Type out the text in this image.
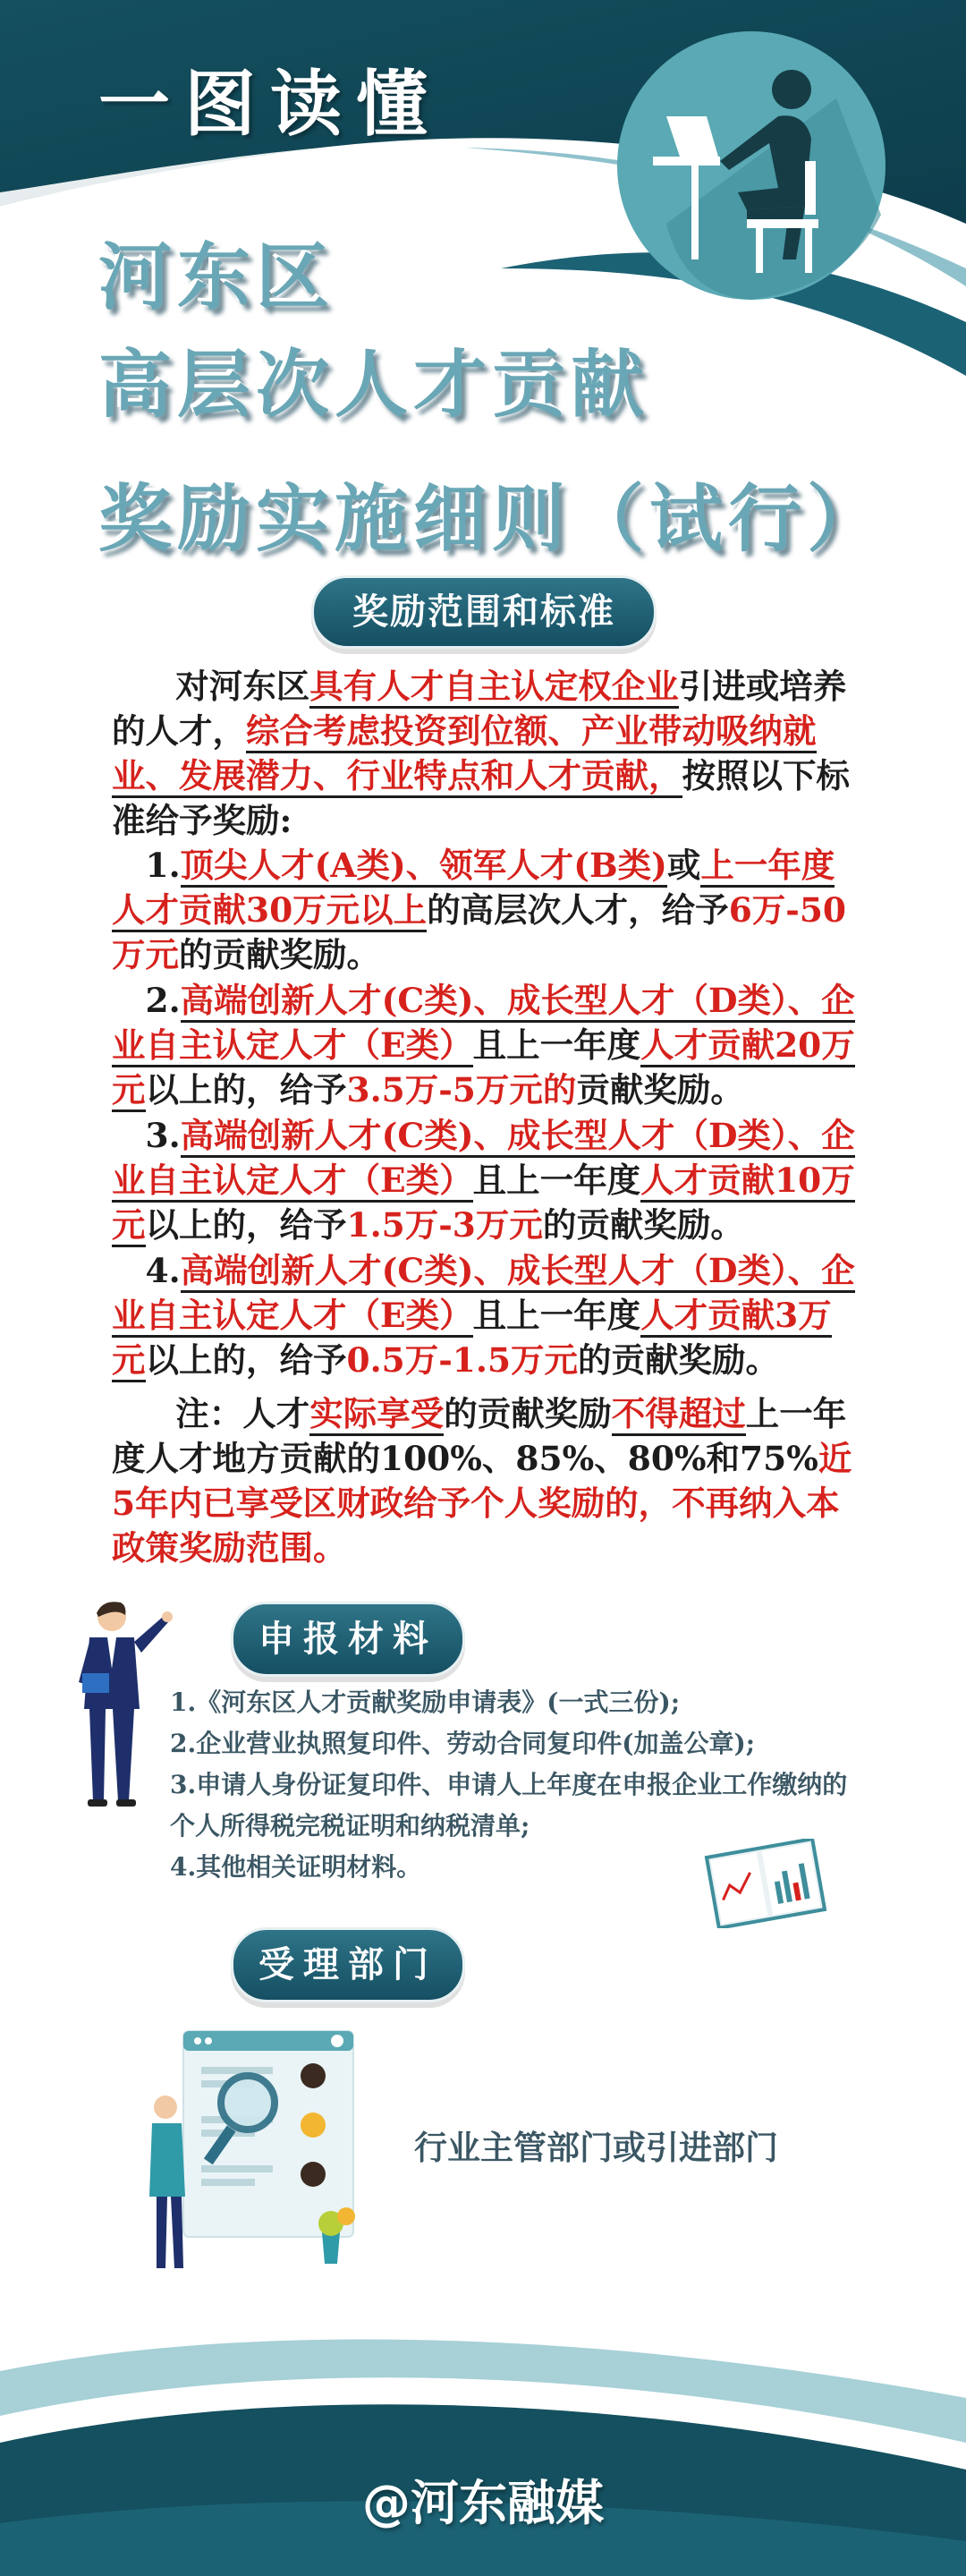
一图读懂
河东区
高层次人才贡献
奖励实施细则（试行）
奖励范围和标准

对河东区具有人才自主认定权企业引进或培养的人才，综合考虑投资到位额、产业带动吸纳就业、发展潜力、行业特点和人才贡献，按照以下标准给予奖励:

1.顶尖人才(A类)、领军人才(B类)或上一年度人才贡献30万元以上的高层次人才，给予6万-50万元的贡献奖励。

2.高端创新人才(C类)、成长型人才（D类）、企业自主认定人才（E类）且上一年度人才贡献20万元以上的，给予3.5万-5万元的贡献奖励。

3.高端创新人才(C类)、成长型人才（D类）、企业自主认定人才（E类）且上一年度人才贡献10万元以上的，给予1.5万-3万元的贡献奖励。

4.高端创新人才(C类)、成长型人才（D类）、企业自主认定人才（E类）且上一年度人才贡献3万元以上的，给予0.5万-1.5万元的贡献奖励。

注：人才实际享受的贡献奖励不得超过上一年度人才地方贡献的100%、85%、80%和75%近5年内已享受区财政给予个人奖励的，不再纳入本政策奖励范围。

申报材料
1.《河东区人才贡献奖励申请表》(一式三份);
2.企业营业执照复印件、劳动合同复印件(加盖公章);
3.申请人身份证复印件、申请人上年度在申报企业工作缴纳的个人所得税完税证明和纳税清单;
4.其他相关证明材料。
受理部门
行业主管部门或引进部门
@河东融媒
